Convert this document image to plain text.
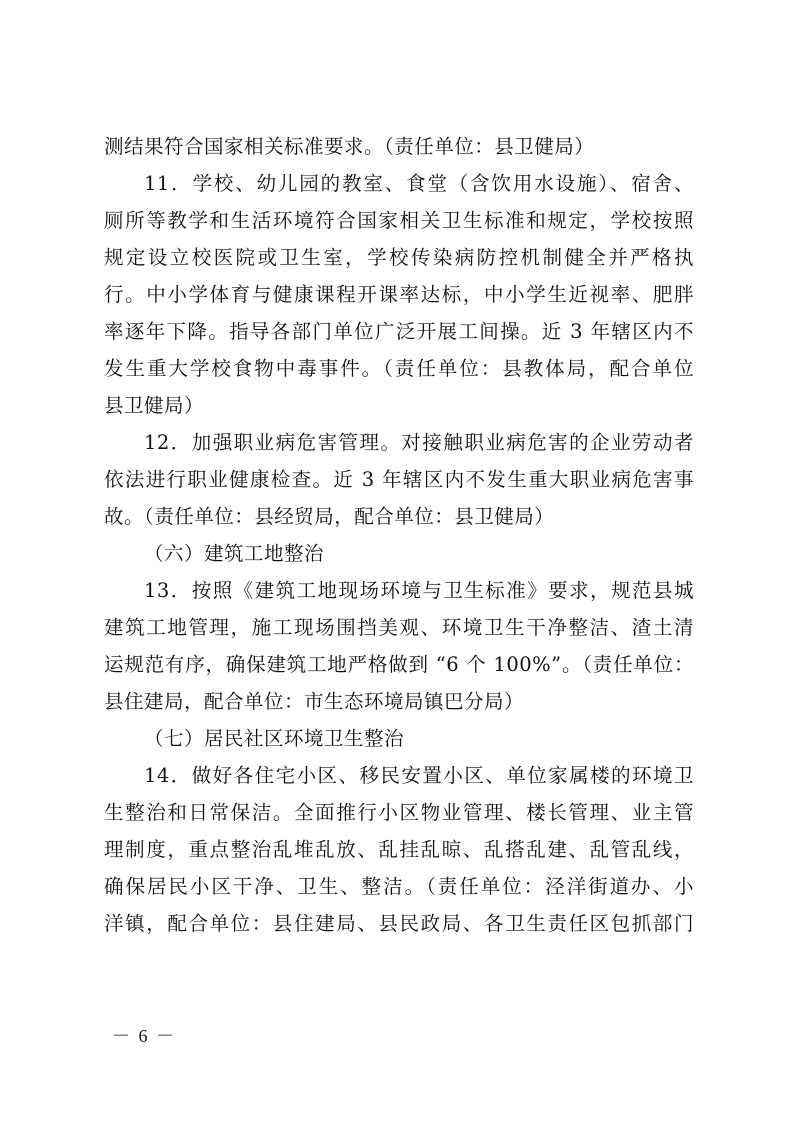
测结果符合国家相关标准要求。（责任单位：县卫健局）
11．学校、幼儿园的教室、食堂（含饮用水设施）、宿舍、
厕所等教学和生活环境符合国家相关卫生标准和规定，学校按照
规定设立校医院或卫生室，学校传染病防控机制健全并严格执
行。中小学体育与健康课程开课率达标，中小学生近视率、肥胖
率逐年下降。指导各部门单位广泛开展工间操。近 3 年辖区内不
发生重大学校食物中毒事件。（责任单位：县教体局，配合单位
县卫健局）
12．加强职业病危害管理。对接触职业病危害的企业劳动者
依法进行职业健康检查。近 3 年辖区内不发生重大职业病危害事
故。（责任单位：县经贸局，配合单位：县卫健局）
（六）建筑工地整治
13．按照《建筑工地现场环境与卫生标准》要求，规范县城
建筑工地管理，施工现场围挡美观、环境卫生干净整洁、渣土清
运规范有序，确保建筑工地严格做到 “6 个 100%”。（责任单位：
县住建局，配合单位：市生态环境局镇巴分局）
（七）居民社区环境卫生整治
14．做好各住宅小区、移民安置小区、单位家属楼的环境卫
生整治和日常保洁。全面推行小区物业管理、楼长管理、业主管
理制度，重点整治乱堆乱放、乱挂乱晾、乱搭乱建、乱管乱线，
确保居民小区干净、卫生、整洁。（责任单位：泾洋街道办、小
洋镇，配合单位：县住建局、县民政局、各卫生责任区包抓部门
－ 6 －
